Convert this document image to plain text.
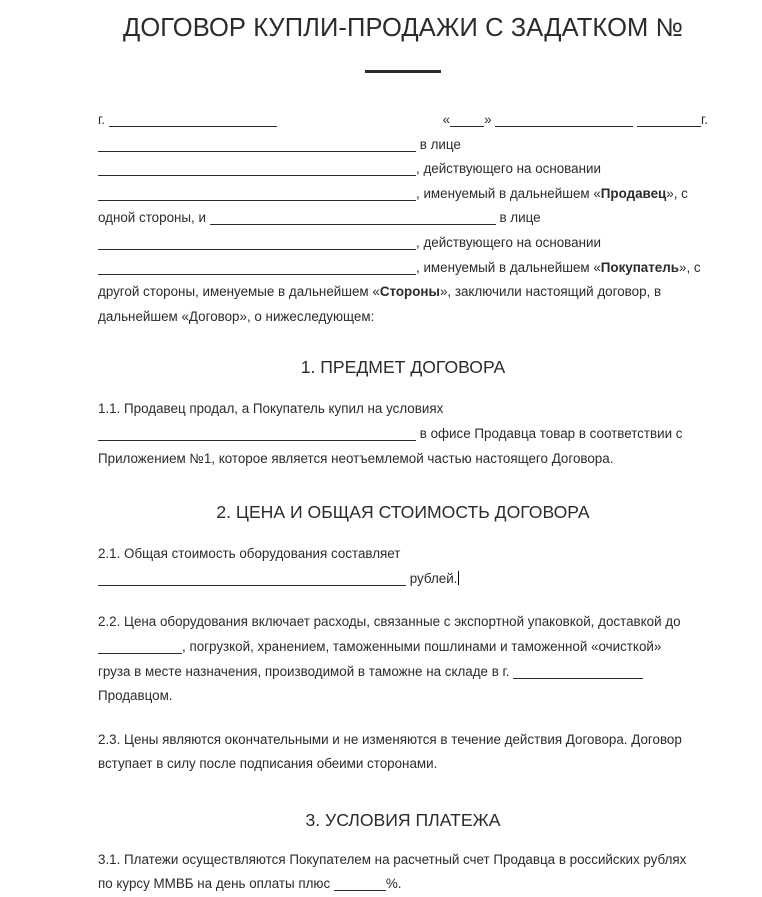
ДОГОВОР КУПЛИ-ПРОДАЖИ С ЗАДАТКОМ №
г.	«	»	г.
в лице
, действующего на основании
, именуемый в дальнейшем «Продавец», с
одной стороны, и	в лице
, действующего на основании
, именуемый в дальнейшем «Покупатель», с
другой стороны, именуемые в дальнейшем «Стороны», заключили настоящий договор, в
дальнейшем «Договор», о нижеследующем:
1. ПРЕДМЕТ ДОГОВОРА
1.1. Продавец продал, а Покупатель купил на условиях
в офисе Продавца товар в соответствии с
Приложением №1, которое является неотъемлемой частью настоящего Договора.
2. ЦЕНА И ОБЩАЯ СТОИМОСТЬ ДОГОВОРА
2.1. Общая стоимость оборудования составляет
рублей.
2.2. Цена оборудования включает расходы, связанные с экспортной упаковкой, доставкой до
, погрузкой, хранением, таможенными пошлинами и таможенной «очисткой»
груза в месте назначения, производимой в таможне на складе в г.
Продавцом.
2.3. Цены являются окончательными и не изменяются в течение действия Договора. Договор
вступает в силу после подписания обеими сторонами.
3. УСЛОВИЯ ПЛАТЕЖА
3.1. Платежи осуществляются Покупателем на расчетный счет Продавца в российских рублях
по курсу ММВБ на день оплаты плюс	%.
